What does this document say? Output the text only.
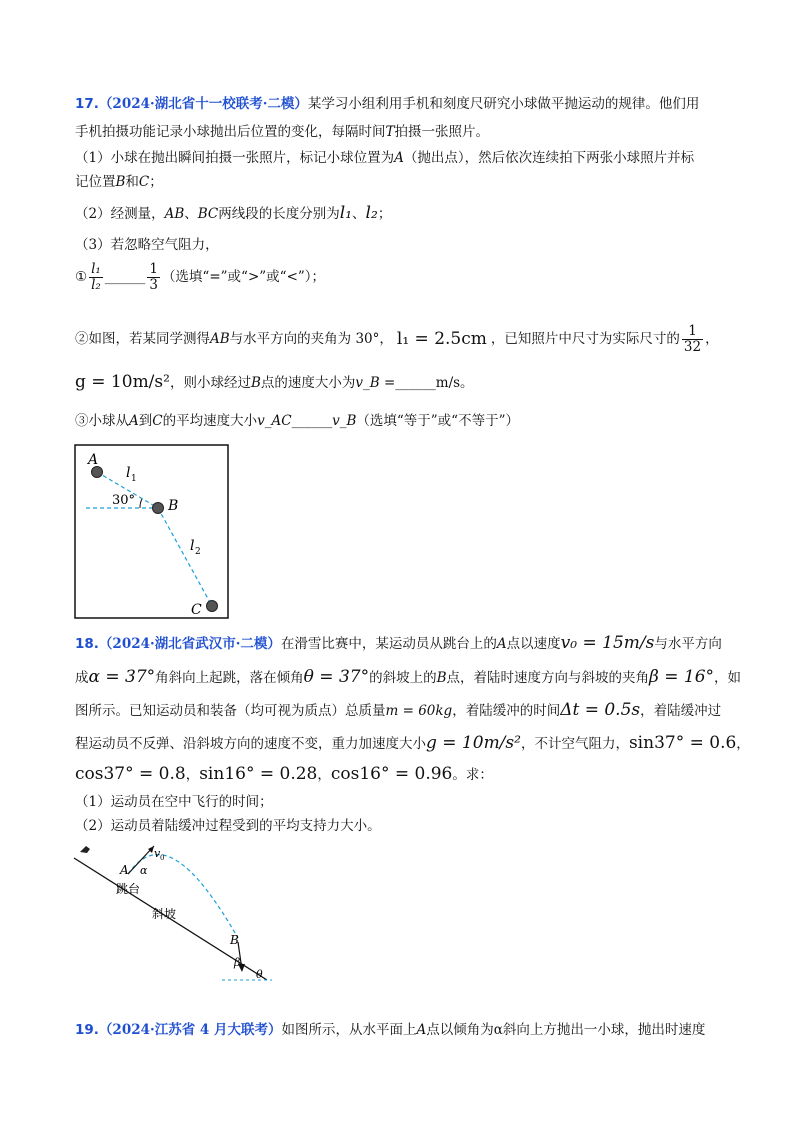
17.（2024·湖北省十一校联考·二模）某学习小组利用手机和刻度尺研究小球做平抛运动的规律。他们用
手机拍摄功能记录小球抛出后位置的变化，每隔时间T拍摄一张照片。
（1）小球在抛出瞬间拍摄一张照片，标记小球位置为A（抛出点），然后依次连续拍下两张小球照片并标
记位置B和C；
（2）经测量，AB、BC两线段的长度分别为l₁、l₂；
（3）若忽略空气阻力，
① $\frac{\text{l₁}}{\text{l₂}}$ ______ $\frac{1}{3}$ （选填“=”或“>”或“<”）；
②如图，若某同学测得AB与水平方向的夹角为 30°， l₁ = 2.5cm ，已知照片中尺寸为实际尺寸的 $\frac{1}{32}$ ，
g = 10m/s²，则小球经过B点的速度大小为v_B =______m/s。
③小球从A到C的平均速度大小v_AC______v_B（选填“等于”或“不等于”）
A
B
C
l 1
l 2
30°
18.（2024·湖北省武汉市·二模）在滑雪比赛中，某运动员从跳台上的A点以速度v₀ = 15m/s与水平方向
成α = 37°角斜向上起跳，落在倾角θ = 37°的斜坡上的B点，着陆时速度方向与斜坡的夹角β = 16°，如
图所示。已知运动员和装备（均可视为质点）总质量m = 60kg，着陆缓冲的时间Δt = 0.5s，着陆缓冲过
程运动员不反弹、沿斜坡方向的速度不变，重力加速度大小g = 10m/s²，不计空气阻力，sin37° = 0.6，
cos37° = 0.8，sin16° = 0.28，cos16° = 0.96。求：
（1）运动员在空中飞行的时间；
（2）运动员着陆缓冲过程受到的平均支持力大小。
A
B
v 0
α
β
θ
跳台
斜坡
19.（2024·江苏省 4 月大联考）如图所示，从水平面上A点以倾角为α斜向上方抛出一小球，抛出时速度
